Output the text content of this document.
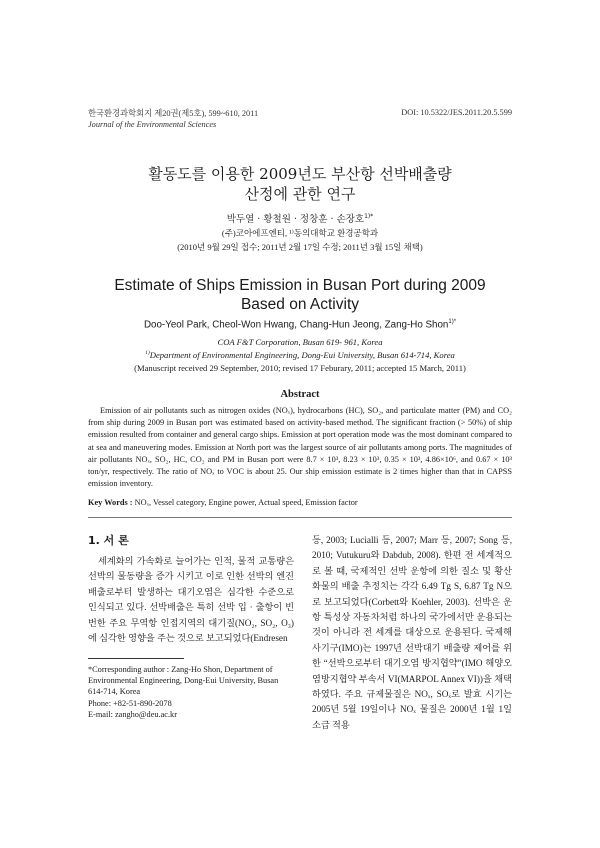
한국환경과학회지 제20권(제5호), 599~610, 2011
Journal of the Environmental Sciences
DOI: 10.5322/JES.2011.20.5.599
활동도를 이용한 2009년도 부산항 선박배출량
산정에 관한 연구
박두열 · 황철원 · 정창훈 · 손장호$^{1)*}$
(주)코아에프엔티, ¹⁾동의대학교 환경공학과
(2010년 9월 29일 접수; 2011년 2월 17일 수정; 2011년 3월 15일 채택)
Estimate of Ships Emission in Busan Port during 2009
Based on Activity
Doo-Yeol Park, Cheol-Won Hwang, Chang-Hun Jeong, Zang-Ho Shon$^{1)*}$
COA F&T Corporation, Busan 619- 961, Korea
$^{1)}$Department of Environmental Engineering, Dong-Eui University, Busan 614-714, Korea
(Manuscript received 29 September, 2010; revised 17 Feburary, 2011; accepted 15 March, 2011)
Abstract
Emission of air pollutants such as nitrogen oxides (NOₓ), hydrocarbons (HC), SO₂, and particulate matter (PM) and CO₂ from ship during 2009 in Busan port was estimated based on activity-based method. The significant fraction (> 50%) of ship emission resulted from container and general cargo ships. Emission at port operation mode was the most dominant compared to at sea and maneuvering modes. Emission at North port was the largest source of air pollutants among ports. The magnitudes of air pollutants NOₓ, SO₂, HC, CO₂ and PM in Busan port were 8.7 × 10³, 8.23 × 10³, 0.35 × 10³, 4.86×10⁶, and 0.67 × 10³ ton/yr, respectively. The ratio of NOₓ to VOC is about 25. Our ship emission estimate is 2 times higher than that in CAPSS emission inventory.
Key Words : NOₓ, Vessel category, Engine power, Actual speed, Emission factor
1. 서 론
세계화의 가속화로 늘어가는 인적, 물적 교통량은 선박의 물동량을 증가 시키고 이로 인한 선박의 엔진 배출로부터 발생하는 대기오염은 심각한 수준으로 인식되고 있다. 선박배출은 특히 선박 입 · 출항이 빈번한 주요 무역항 인접지역의 대기질(NO₂, SO₂, O₃)에 심각한 영향을 주는 것으로 보고되었다(Endresen

*Corresponding author : Zang-Ho Shon, Department of Environmental Engineering, Dong-Eui University, Busan 614-714, Korea

Phone: +82-51-890-2078

E-mail: zangho@deu.ac.kr

등, 2003; Lucialli 등, 2007; Marr 등, 2007; Song 등, 2010; Vutukuru와 Dabdub, 2008). 한편 전 세계적으로 볼 때, 국제적인 선박 운항에 의한 질소 및 황산화물의 배출 추정치는 각각 6.49 Tg S, 6.87 Tg N으로 보고되었다(Corbett와 Koehler, 2003). 선박은 운항 특성상 자동차처럼 하나의 국가에서만 운용되는 것이 아니라 전 세계를 대상으로 운용된다. 국제해사기구(IMO)는 1997년 선박대기 배출량 제어를 위한 “선박으로부터 대기오염 방지협약”(IMO 해양오염방지협약 부속서 VI(MARPOL Annex VI))을 채택하였다. 주요 규제물질은 NOₓ, SOₓ로 발효 시기는 2005년 5월 19일이나 NOₓ 물질은 2000년 1월 1일 소급 적용
